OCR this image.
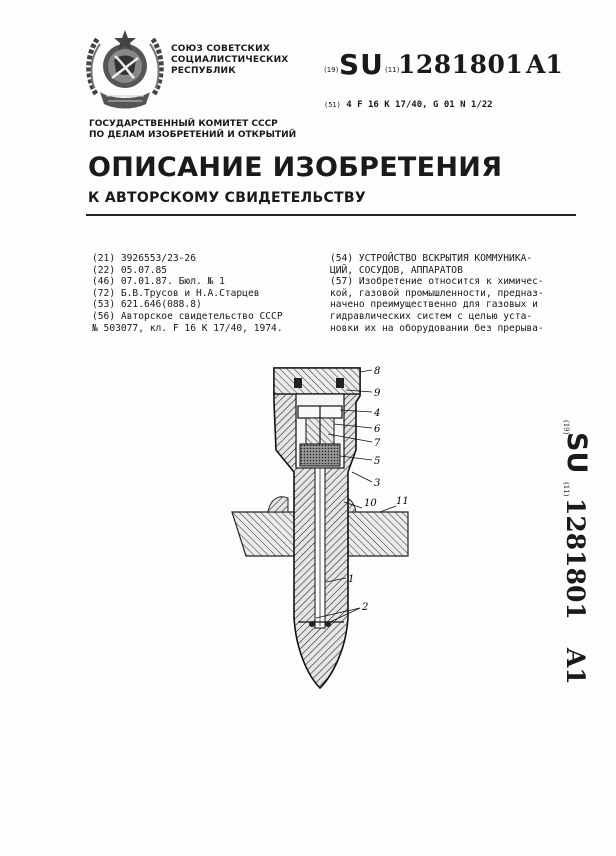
СОЮЗ СОВЕТСКИХ
СОЦИАЛИСТИЧЕСКИХ
РЕСПУБЛИК	(19) SU (11)
1281801 A1
(51) 4 F 16 K 17/40, G 01 N 1/22
ГОСУДАРСТВЕННЫЙ КОМИТЕТ СССР
ПО ДЕЛАМ ИЗОБРЕТЕНИЙ И ОТКРЫТИЙ
ОПИСАНИЕ ИЗОБРЕТЕНИЯ
К АВТОРСКОМУ СВИДЕТЕЛЬСТВУ
(21) 3926553/23-26
(22) 05.07.85
(46) 07.01.87. Бюл. № 1
(72) Б.В.Трусов и Н.А.Старцев
(53) 621.646(088.8)
(56) Авторское свидетельство СССР
№ 503077, кл. F 16 K 17/40, 1974.
(54) УСТРОЙСТВО ВСКРЫТИЯ КОММУНИКА-
ЦИЙ, СОСУДОВ, АППАРАТОВ
(57) Изобретение относится к химичес-
кой, газовой промышленности, предназ-
начено преимущественно для газовых и
гидравлических систем с целью уста-
новки их на оборудовании без прерыва-
8
9
4
6
7
5
3
10 11
1
2
(19)
SU
(11)
1281801
A1
